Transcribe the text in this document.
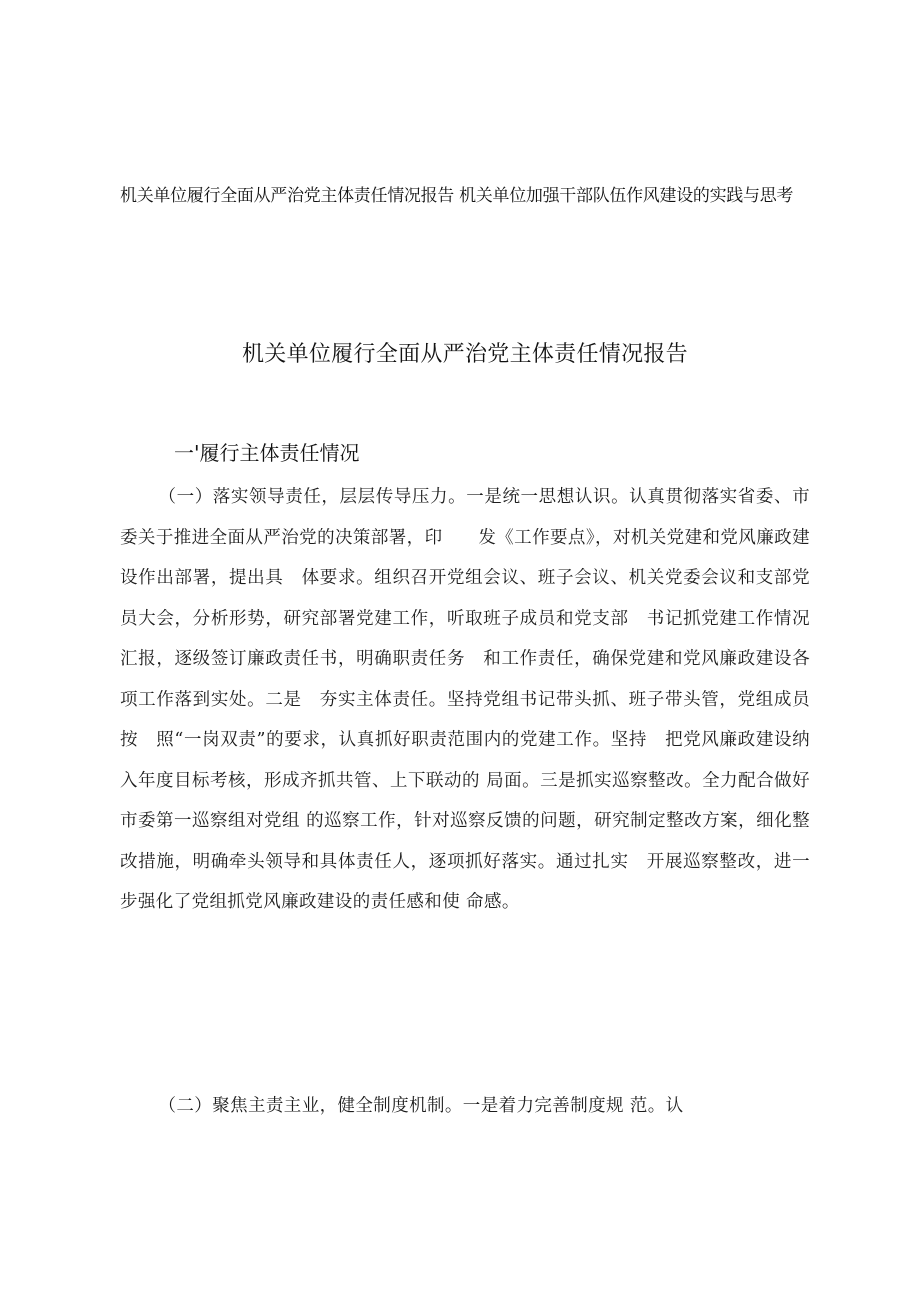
机关单位履行全面从严治党主体责任情况报告 机关单位加强干部队伍作风建设的实践与思考
机关单位履行全面从严治党主体责任情况报告
一'履行主体责任情况

（一）落实领导责任，层层传导压力。一是统一思想认识。认真贯彻落实省委、市委关于推进全面从严治党的决策部署，印　　发《工作要点》，对机关党建和党风廉政建设作出部署，提出具　体要求。组织召开党组会议、班子会议、机关党委会议和支部党　员大会，分析形势，研究部署党建工作，听取班子成员和党支部　书记抓党建工作情况汇报，逐级签订廉政责任书，明确职责任务　和工作责任，确保党建和党风廉政建设各项工作落到实处。二是　夯实主体责任。坚持党组书记带头抓、班子带头管，党组成员按　照“一岗双责”的要求，认真抓好职责范围内的党建工作。坚持　把党风廉政建设纳入年度目标考核，形成齐抓共管、上下联动的 局面。三是抓实巡察整改。全力配合做好市委第一巡察组对党组 的巡察工作，针对巡察反馈的问题，研究制定整改方案，细化整　改措施，明确牵头领导和具体责任人，逐项抓好落实。通过扎实　开展巡察整改，进一步强化了党组抓党风廉政建设的责任感和使 命感。

（二）聚焦主责主业，健全制度机制。一是着力完善制度规 范。认
